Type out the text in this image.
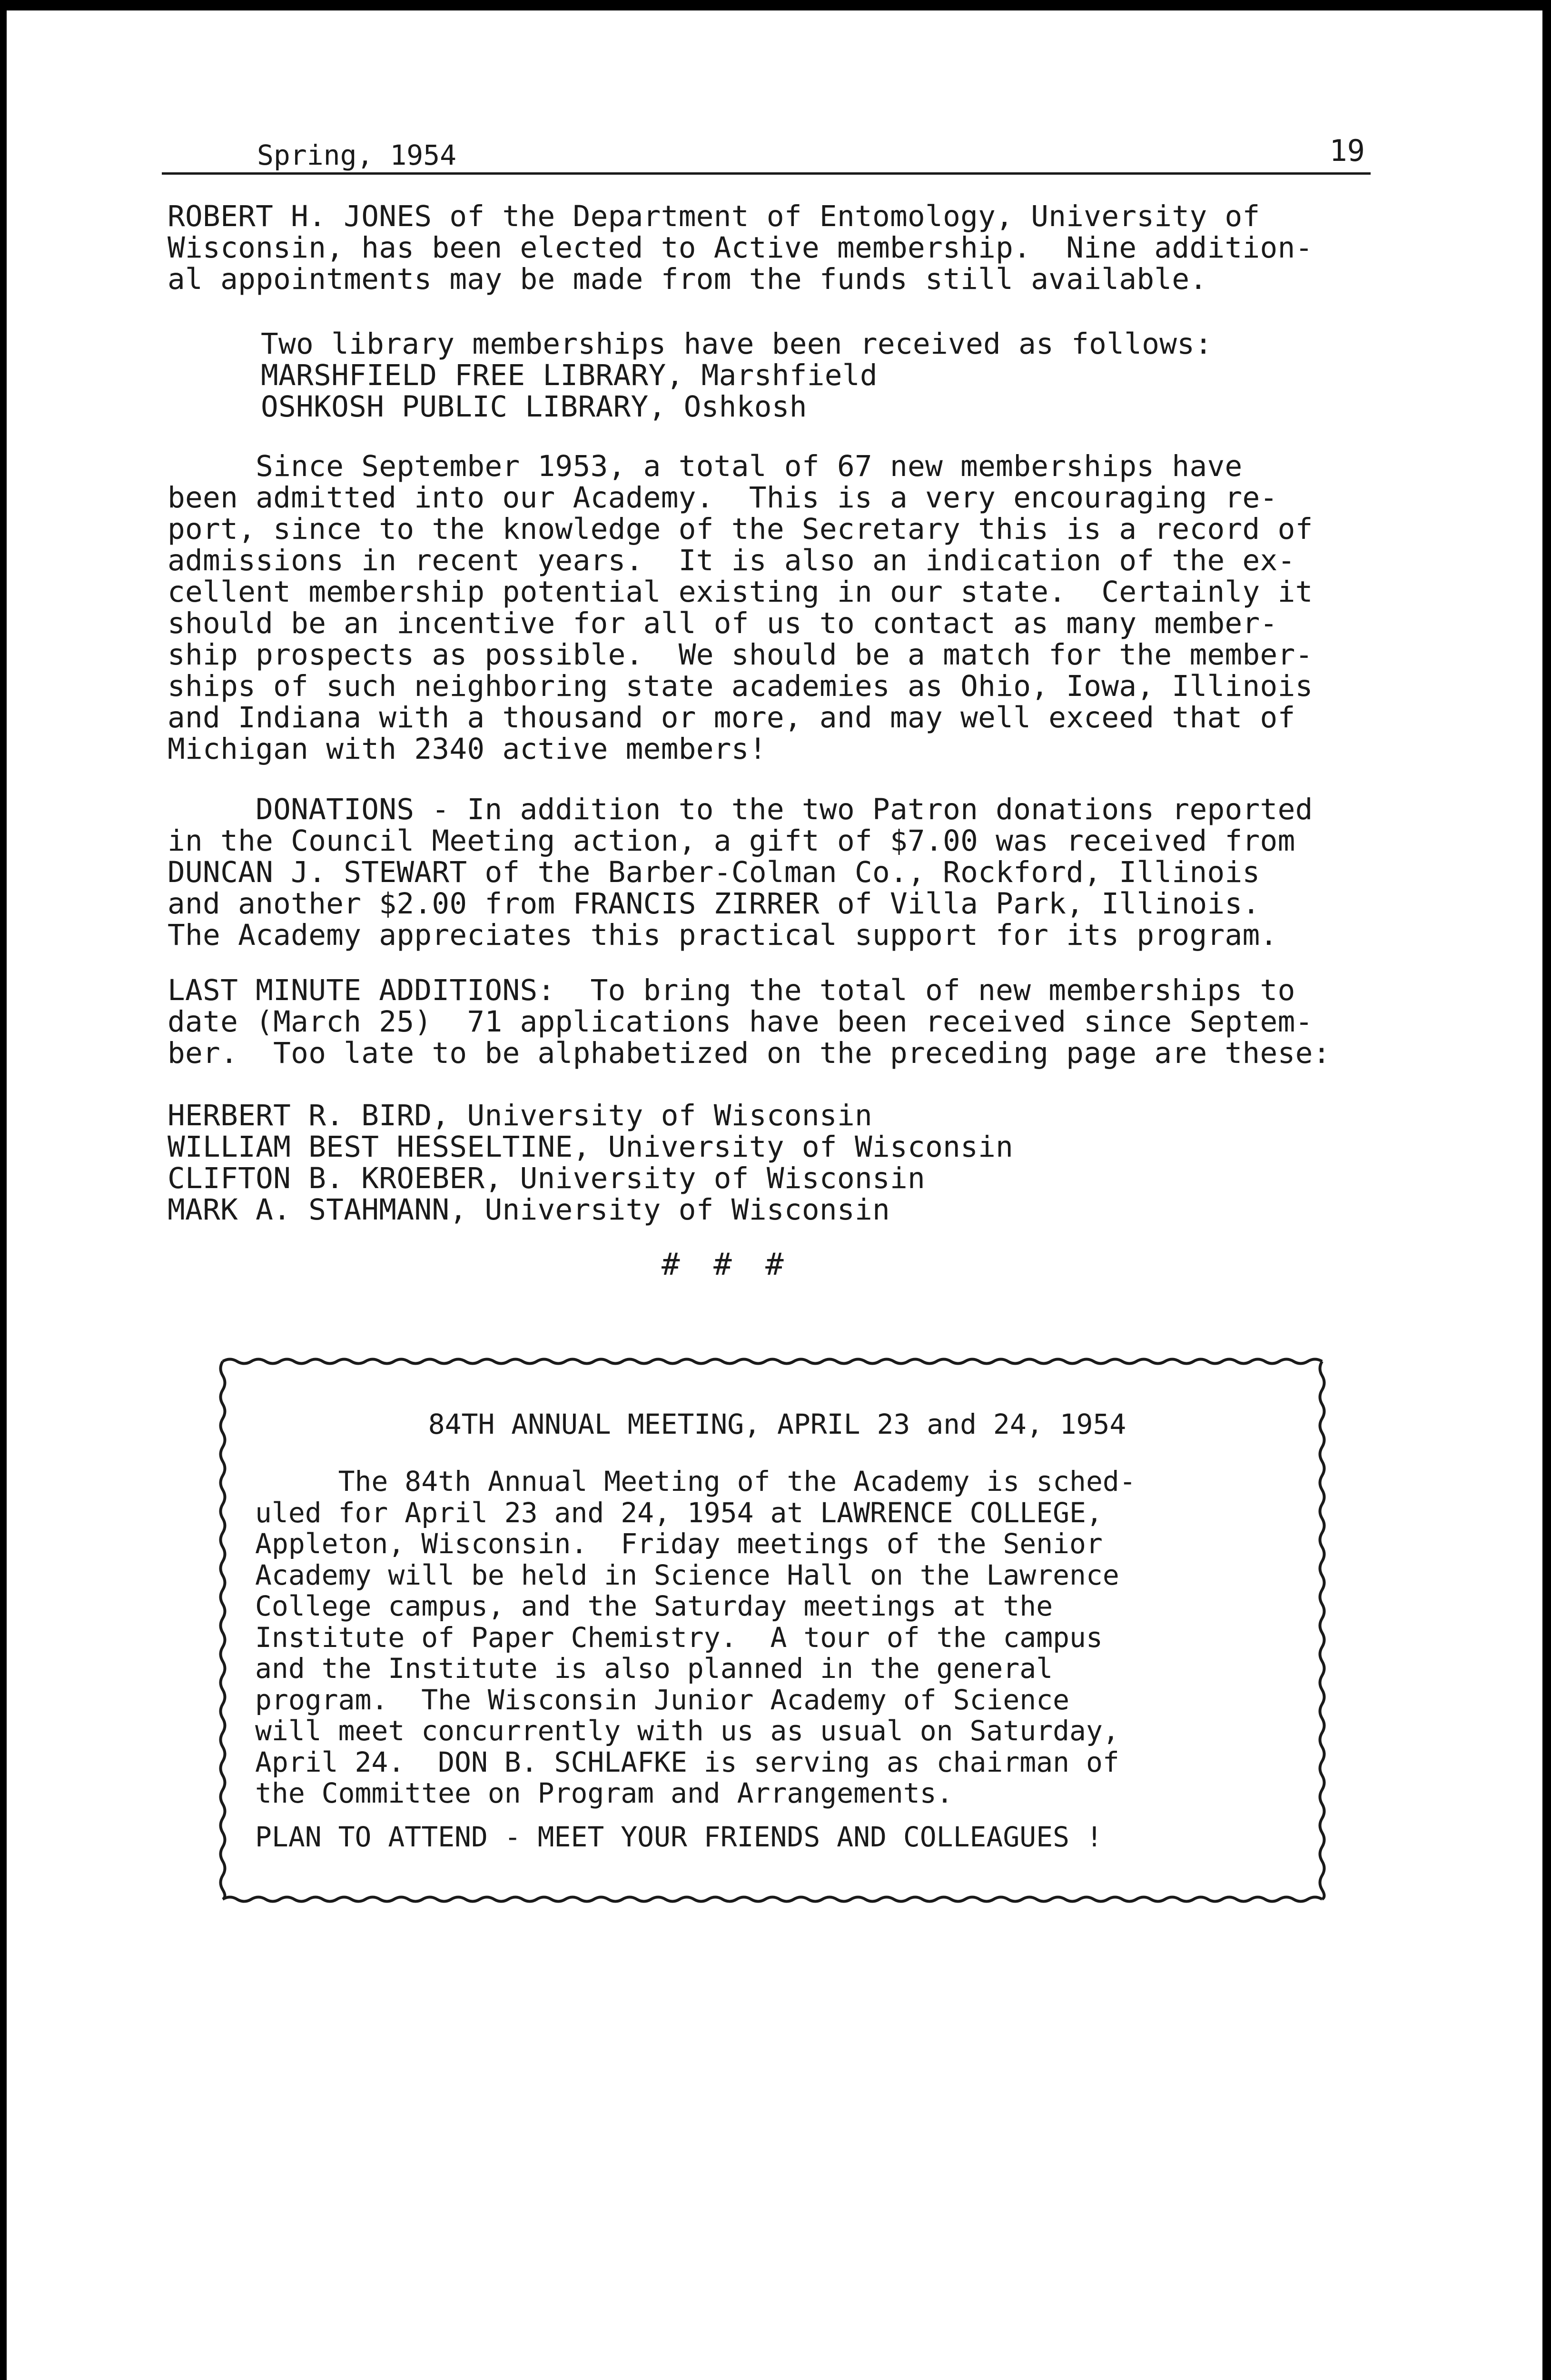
Spring, 1954	19
ROBERT H. JONES of the Department of Entomology, University of
Wisconsin, has been elected to Active membership.  Nine addition-
al appointments may be made from the funds still available.
Two library memberships have been received as follows:
MARSHFIELD FREE LIBRARY, Marshfield
OSHKOSH PUBLIC LIBRARY, Oshkosh
Since September 1953, a total of 67 new memberships have
been admitted into our Academy.  This is a very encouraging re-
port, since to the knowledge of the Secretary this is a record of
admissions in recent years.  It is also an indication of the ex-
cellent membership potential existing in our state.  Certainly it
should be an incentive for all of us to contact as many member-
ship prospects as possible.  We should be a match for the member-
ships of such neighboring state academies as Ohio, Iowa, Illinois
and Indiana with a thousand or more, and may well exceed that of
Michigan with 2340 active members!
DONATIONS - In addition to the two Patron donations reported
in the Council Meeting action, a gift of $7.00 was received from
DUNCAN J. STEWART of the Barber-Colman Co., Rockford, Illinois
and another $2.00 from FRANCIS ZIRRER of Villa Park, Illinois.
The Academy appreciates this practical support for its program.
LAST MINUTE ADDITIONS:  To bring the total of new memberships to
date (March 25)  71 applications have been received since Septem-
ber.  Too late to be alphabetized on the preceding page are these:
HERBERT R. BIRD, University of Wisconsin
WILLIAM BEST HESSELTINE, University of Wisconsin
CLIFTON B. KROEBER, University of Wisconsin
MARK A. STAHMANN, University of Wisconsin
# # #
84TH ANNUAL MEETING, APRIL 23 and 24, 1954
The 84th Annual Meeting of the Academy is sched-
uled for April 23 and 24, 1954 at LAWRENCE COLLEGE,
Appleton, Wisconsin.  Friday meetings of the Senior
Academy will be held in Science Hall on the Lawrence
College campus, and the Saturday meetings at the
Institute of Paper Chemistry.  A tour of the campus
and the Institute is also planned in the general
program.  The Wisconsin Junior Academy of Science
will meet concurrently with us as usual on Saturday,
April 24.  DON B. SCHLAFKE is serving as chairman of
the Committee on Program and Arrangements.
PLAN TO ATTEND - MEET YOUR FRIENDS AND COLLEAGUES !
